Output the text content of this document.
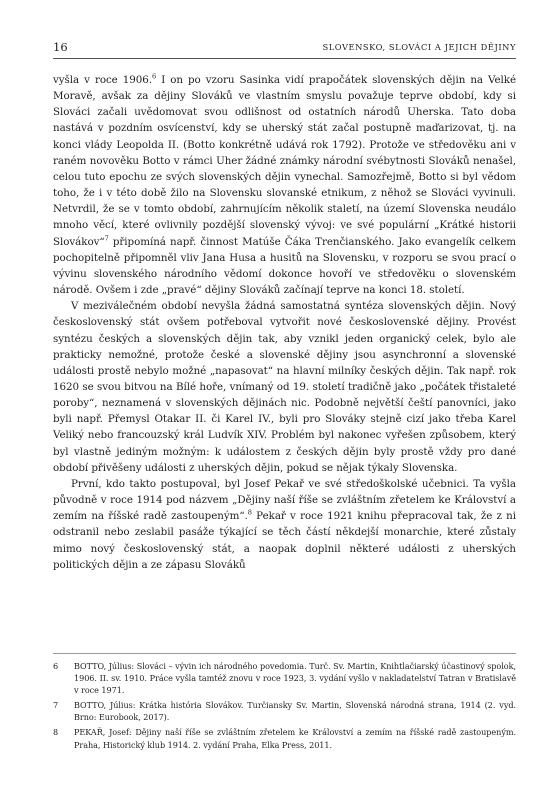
16	SLOVENSKO, SLOVÁCI A JEJICH DĚJINY

vyšla v roce 1906.$^6$ I on po vzoru Sasinka vidí prapočátek slovenských dějin na Velké Moravě, avšak za dějiny Slováků ve vlastním smyslu považuje teprve období, kdy si Slováci začali uvědomovat svou odlišnost od ostatních národů Uherska. Tato doba nastává v pozdním osvícenství, kdy se uherský stát začal postupně maďarizovat, tj. na konci vlády Leopolda II. (Botto konkrétně udává rok 1792). Protože ve středověku ani v raném novověku Botto v rámci Uher žádné známky národní svébytnosti Slováků nenašel, celou tuto epochu ze svých slovenských dějin vynechal. Samozřejmě, Botto si byl vědom toho, že i v této době žilo na Slovensku slovanské etnikum, z něhož se Slováci vyvinuli. Netvrdil, že se v tomto období, zahrnujícím několik staletí, na území Slovenska neudálo mnoho věcí, které ovlivnily pozdější slovenský vývoj: ve své populární „Krátké historii Slovákov“$^7$ připomíná např. činnost Matúše Čáka Trenčianského. Jako evangelík celkem pochopitelně připomněl vliv Jana Husa a husitů na Slovensku, v rozporu se svou prací o vývinu slovenského národního vědomí dokonce hovoří ve středověku o slovenském národě. Ovšem i zde „pravé“ dějiny Slováků začínají teprve na konci 18. století.

V meziválečném období nevyšla žádná samostatná syntéza slovenských dějin. Nový československý stát ovšem potřeboval vytvořit nové československé dějiny. Provést syntézu českých a slovenských dějin tak, aby vznikl jeden organický celek, bylo ale prakticky nemožné, protože české a slovenské dějiny jsou asynchronní a slovenské události prostě nebylo možné „napasovat“ na hlavní milníky českých dějin. Tak např. rok 1620 se svou bitvou na Bílé hoře, vnímaný od 19. století tradičně jako „počátek třistaleté poroby“, neznamená v slovenských dějinách nic. Podobně největší čeští panovníci, jako byli např. Přemysl Otakar II. či Karel IV., byli pro Slováky stejně cizí jako třeba Karel Veliký nebo francouzský král Ludvík XIV. Problém byl nakonec vyřešen způsobem, který byl vlastně jediným možným: k událostem z českých dějin byly prostě vždy pro dané období přivěšeny události z uherských dějin, pokud se nějak týkaly Slovenska.

První, kdo takto postupoval, byl Josef Pekař ve své středoškolské učebnici. Ta vyšla původně v roce 1914 pod názvem „Dějiny naší říše se zvláštním zřetelem ke Království a zemím na říšské radě zastoupeným“.$^8$ Pekař v roce 1921 knihu přepracoval tak, že z ni odstranil nebo zeslabil pasáže týkající se těch částí někdejší monarchie, které zůstaly mimo nový československý stát, a naopak doplnil některé události z uherských politických dějin a ze zápasu Slováků

6	BOTTO, Július: Slováci – vývin ich národného povedomia. Turč. Sv. Martin, Knihtlačiarský účastinový spolok, 1906. II. sv. 1910. Práce vyšla tamtéž znovu v roce 1923, 3. vydání vyšlo v nakladatelství Tatran v Bratislavě v roce 1971.
7	BOTTO, Július: Krátka história Slovákov. Turčiansky Sv. Martin, Slovenská národná strana, 1914 (2. vyd. Brno: Eurobook, 2017).
8	PEKAŘ, Josef: Dějiny naší říše se zvláštním zřetelem ke Království a zemím na říšské radě zastoupeným. Praha, Historický klub 1914. 2. vydání Praha, Elka Press, 2011.
